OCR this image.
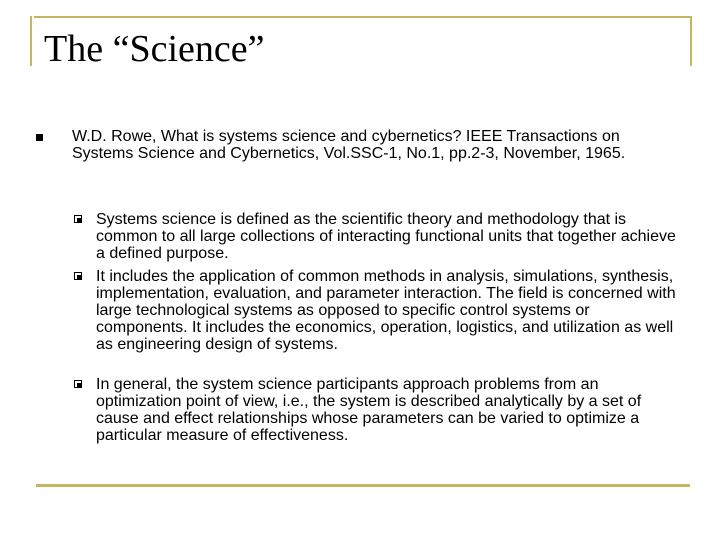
The “Science”
W.D. Rowe, What is systems science and cybernetics? IEEE Transactions on Systems Science and Cybernetics, Vol.SSC-1, No.1, pp.2-3, November, 1965.
Systems science is defined as the scientific theory and methodology that is common to all large collections of interacting functional units that together achieve a defined purpose.
It includes the application of common methods in analysis, simulations, synthesis, implementation, evaluation, and parameter interaction. The field is concerned with large technological systems as opposed to specific control systems or components. It includes the economics, operation, logistics, and utilization as well as engineering design of systems.
In general, the system science participants approach problems from an optimization point of view, i.e., the system is described analytically by a set of cause and effect relationships whose parameters can be varied to optimize a particular measure of effectiveness.
